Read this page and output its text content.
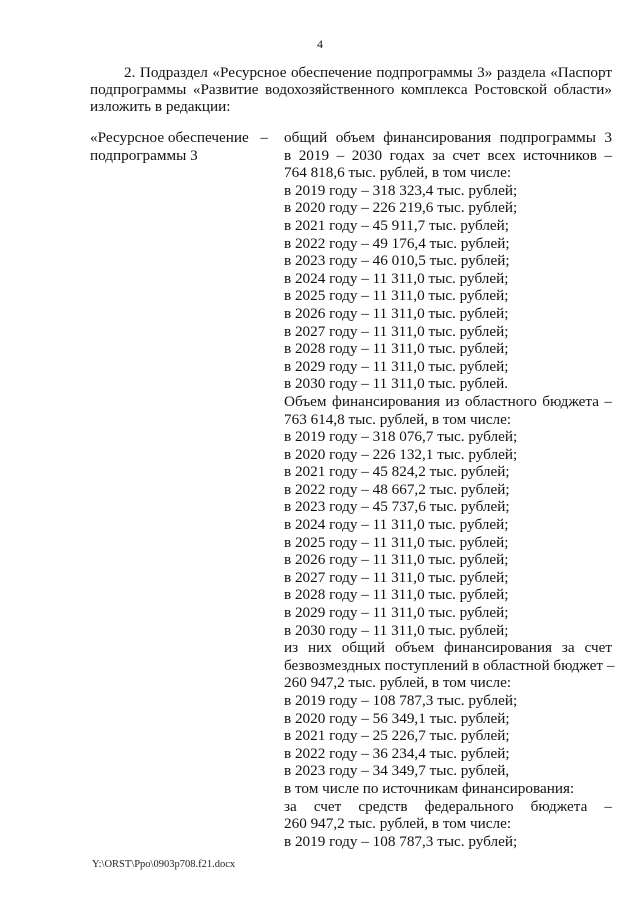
4
2. Подраздел «Ресурсное обеспечение подпрограммы 3» раздела «Паспорт
подпрограммы «Развитие водохозяйственного комплекса Ростовской области»
изложить в редакции:
«Ресурсное обеспечение –
подпрограммы 3
общий объем финансирования подпрограммы 3
в 2019 – 2030 годах за счет всех источников –
764 818,6 тыс. рублей, в том числе:
в 2019 году – 318 323,4 тыс. рублей;
в 2020 году – 226 219,6 тыс. рублей;
в 2021 году – 45 911,7 тыс. рублей;
в 2022 году – 49 176,4 тыс. рублей;
в 2023 году – 46 010,5 тыс. рублей;
в 2024 году – 11 311,0 тыс. рублей;
в 2025 году – 11 311,0 тыс. рублей;
в 2026 году – 11 311,0 тыс. рублей;
в 2027 году – 11 311,0 тыс. рублей;
в 2028 году – 11 311,0 тыс. рублей;
в 2029 году – 11 311,0 тыс. рублей;
в 2030 году – 11 311,0 тыс. рублей.
Объем финансирования из областного бюджета –
763 614,8 тыс. рублей, в том числе:
в 2019 году – 318 076,7 тыс. рублей;
в 2020 году – 226 132,1 тыс. рублей;
в 2021 году – 45 824,2 тыс. рублей;
в 2022 году – 48 667,2 тыс. рублей;
в 2023 году – 45 737,6 тыс. рублей;
в 2024 году – 11 311,0 тыс. рублей;
в 2025 году – 11 311,0 тыс. рублей;
в 2026 году – 11 311,0 тыс. рублей;
в 2027 году – 11 311,0 тыс. рублей;
в 2028 году – 11 311,0 тыс. рублей;
в 2029 году – 11 311,0 тыс. рублей;
в 2030 году – 11 311,0 тыс. рублей;
из них общий объем финансирования за счет
безвозмездных поступлений в областной бюджет –
260 947,2 тыс. рублей, в том числе:
в 2019 году – 108 787,3 тыс. рублей;
в 2020 году – 56 349,1 тыс. рублей;
в 2021 году – 25 226,7 тыс. рублей;
в 2022 году – 36 234,4 тыс. рублей;
в 2023 году – 34 349,7 тыс. рублей,
в том числе по источникам финансирования:
за счет средств федерального бюджета –
260 947,2 тыс. рублей, в том числе:
в 2019 году – 108 787,3 тыс. рублей;
Y:\ORST\Ppo\0903p708.f21.docx
